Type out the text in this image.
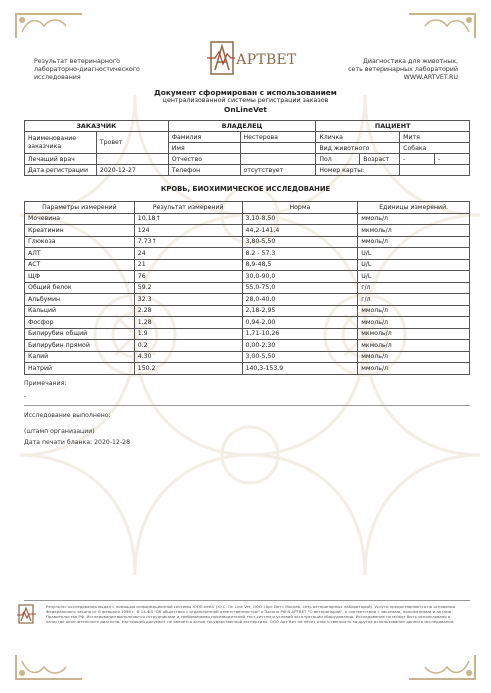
Результат ветеринарного
лабораторно-диагностического
исследования
АРТВЕТ	Диагностика для животных,
сеть ветеринарных лабораторий
WWW.ARTVET.RU
Документ сформирован с использованием
централизованной системы регистрации заказов
OnLineVet
ЗАКАЗЧИК		ВЛАДЕЛЕЦ		ПАЦИЕНТ			
Наименование заказчика	Тровет	Фамилия	Нестерова	Кличка		Митя	
		Имя		Вид животного		Собака	
Лечащий врач		Отчество		Пол	Возраст	-	-
Дата регистрации	2020-12-27	Телефон	отсутствует	Номер карты:			
КРОВЬ, БИОХИМИЧЕСКОЕ ИССЛЕДОВАНИЕ
Параметры измерений	Результат измерений	Норма	Единицы измерений.
Мочевина	10.18↑	3,10-8,50	ммоль/л
Креатинин	124	44,2-141,4	мкмоль/л
Глюкоза	7.73↑	3,80-5,50	ммоль/л
АЛТ	24	8.2 - 57.3	U/L
АСТ	21	8,9-48,5	U/L
ЩФ	76	30,0-90,0	U/L
Общий белок	59.2	55,0-75,0	г/л
Альбумин	32.3	28,0-40,0	г/л
Кальций	2.28	2,18-2,95	ммоль/л
Фосфор	1.28	0,94-2,00	ммоль/л
Билирубин общий	1.9	1,71-10,26	мкмоль/л
Билирубин прямой	0.2	0,00-2,30	мкмоль/л
Калий	4.30	3,00-5,50	ммоль/л
Натрий	150.2	140,3-153,9	ммоль/л
Примечания:
-
Исследование выполнено:
(штамп организации)
Дата печати бланка: 2020-12-28
Результат исследования выдан с помощью информационной системы ЮЛЛ.netLV (Ю.С. On Line Vet, ООО «Арт Вет» Москва, сеть ветеринарных лабораторий). Услуги предоставляются на основании Федерального закона от 8 февраля 1998 г. N 14-ФЗ "Об обществах с ограниченной ответственностью" и Закона РФ N АРТВЕТ "О ветеринарии", в соответствии с законами, положениями и актами Правительства РФ. Исследования выполняются сотрудниками и требованиями производителей тест-систем и условий эксплуатации оборудования. Исследование не может быть использовано в качестве окончательного диагноза. Настоящий документ не является актом государственной экспертизы. ООО Арт Вет не несет ответственность за другое использование данного исследования.
